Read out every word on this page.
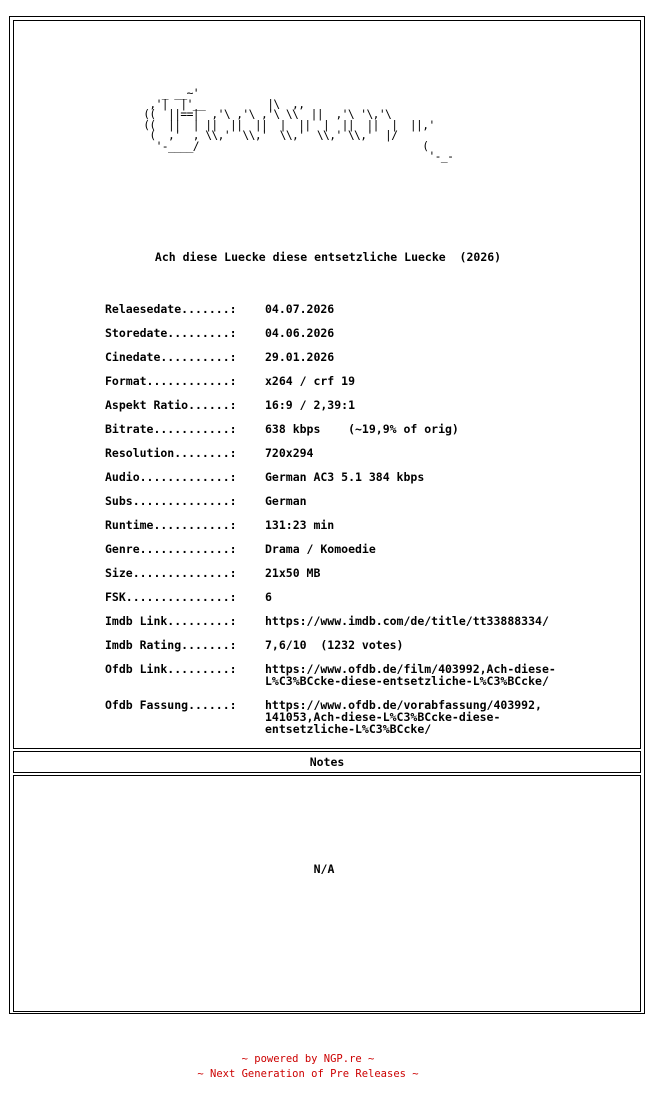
_ __~'
,'|  |'__          |\  ,,
((  ||==|  ,'\ ,'\ ,'\ \\  ||  ,'\ '\,'\
((  ||  | ||  ||  ||  |  ||  |  ||  ||  |  ||,'
(  ,'  , \\,'  \\,'  \\,'  \\,' \\,'  |/
'-____/                                    (
'-_-
Ach diese Luecke diese entsetzliche Luecke  (2026)
Relaesedate.......: 04.07.2026
Storedate.........: 04.06.2026
Cinedate..........: 29.01.2026
Format............: x264 / crf 19
Aspekt Ratio......: 16:9 / 2,39:1
Bitrate...........: 638 kbps    (~19,9% of orig)
Resolution........: 720x294
Audio.............: German AC3 5.1 384 kbps
Subs..............: German
Runtime...........: 131:23 min
Genre.............: Drama / Komoedie
Size..............: 21x50 MB
FSK...............: 6
Imdb Link.........: https://www.imdb.com/de/title/tt33888334/
Imdb Rating.......: 7,6/10  (1232 votes)
Ofdb Link.........: https://www.ofdb.de/film/403992,Ach-diese-
L%C3%BCcke-diese-entsetzliche-L%C3%BCcke/
Ofdb Fassung......: https://www.ofdb.de/vorabfassung/403992,
141053,Ach-diese-L%C3%BCcke-diese-
entsetzliche-L%C3%BCcke/
Notes
N/A
~ powered by NGP.re ~
~ Next Generation of Pre Releases ~
